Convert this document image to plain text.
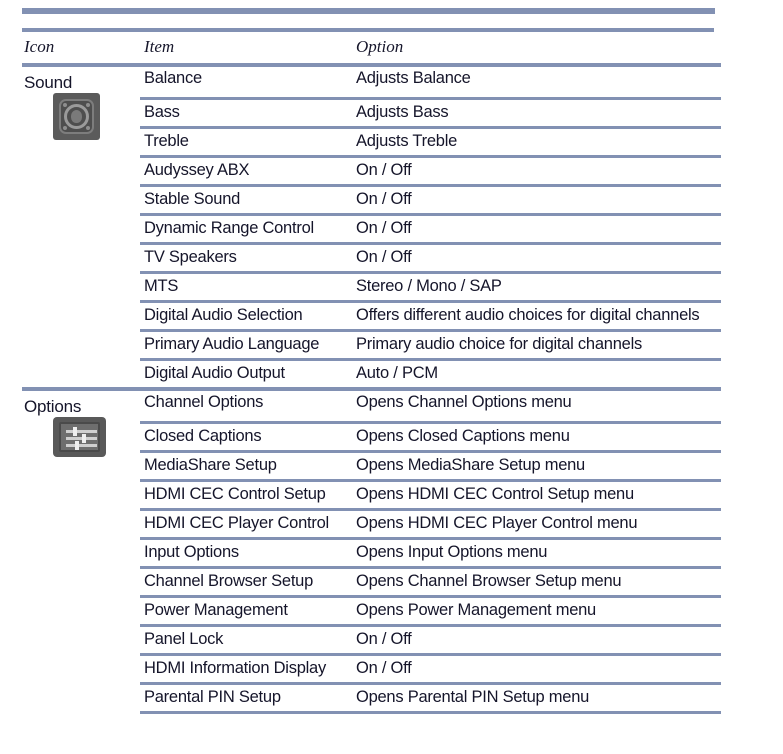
Icon	Item	Option
Sound	Balance	Adjusts Balance
Bass	Adjusts Bass
Treble	Adjusts Treble
Audyssey ABX	On / Off
Stable Sound	On / Off
Dynamic Range Control	On / Off
TV Speakers	On / Off
MTS	Stereo / Mono / SAP
Digital Audio Selection	Offers different audio choices for digital channels
Primary Audio Language	Primary audio choice for digital channels
Digital Audio Output	Auto / PCM
Options	Channel Options	Opens Channel Options menu
Closed Captions	Opens Closed Captions menu
MediaShare Setup	Opens MediaShare Setup menu
HDMI CEC Control Setup	Opens HDMI CEC Control Setup menu
HDMI CEC Player Control	Opens HDMI CEC Player Control menu
Input Options	Opens Input Options menu
Channel Browser Setup	Opens Channel Browser Setup menu
Power Management	Opens Power Management menu
Panel Lock	On / Off
HDMI Information Display	On / Off
Parental PIN Setup	Opens Parental PIN Setup menu
